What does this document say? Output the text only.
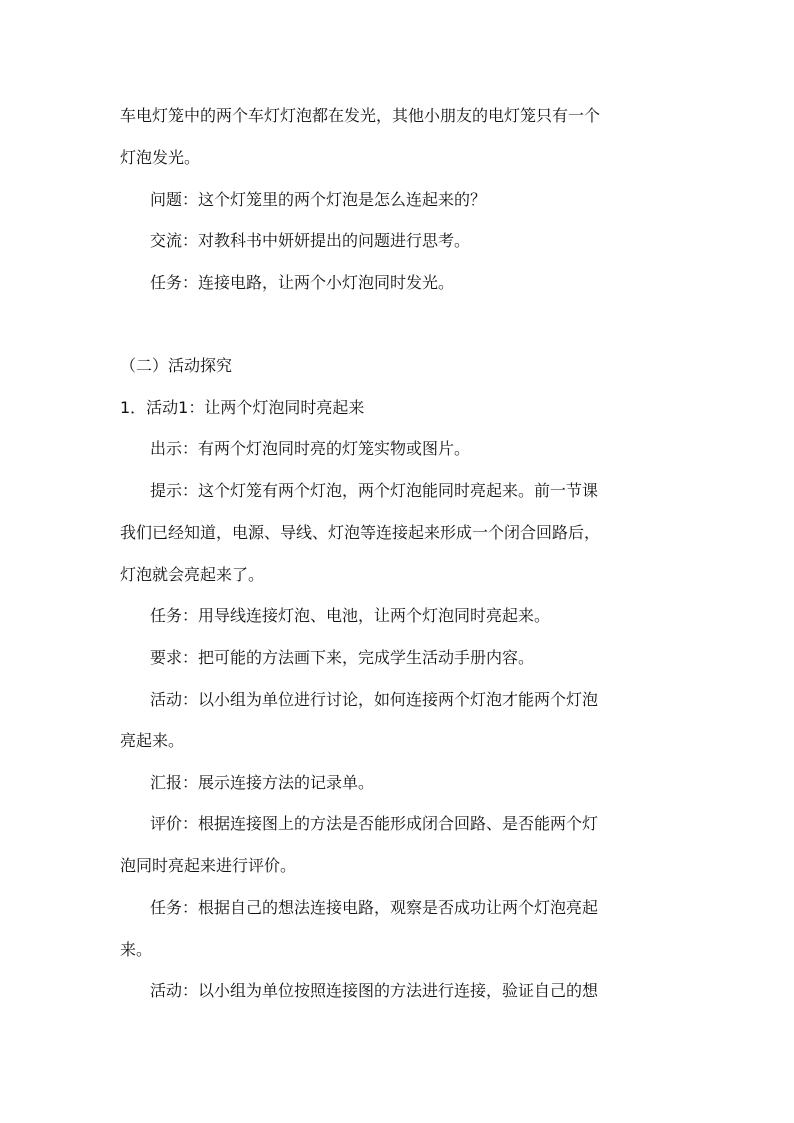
车电灯笼中的两个车灯灯泡都在发光，其他小朋友的电灯笼只有一个
灯泡发光。
问题：这个灯笼里的两个灯泡是怎么连起来的？
交流：对教科书中妍妍提出的问题进行思考。
任务：连接电路，让两个小灯泡同时发光。
（二）活动探究
1．活动1：让两个灯泡同时亮起来
出示：有两个灯泡同时亮的灯笼实物或图片。
提示：这个灯笼有两个灯泡，两个灯泡能同时亮起来。前一节课
我们已经知道，电源、导线、灯泡等连接起来形成一个闭合回路后，
灯泡就会亮起来了。
任务：用导线连接灯泡、电池，让两个灯泡同时亮起来。
要求：把可能的方法画下来，完成学生活动手册内容。
活动：以小组为单位进行讨论，如何连接两个灯泡才能两个灯泡
亮起来。
汇报：展示连接方法的记录单。
评价：根据连接图上的方法是否能形成闭合回路、是否能两个灯
泡同时亮起来进行评价。
任务：根据自己的想法连接电路，观察是否成功让两个灯泡亮起
来。
活动：以小组为单位按照连接图的方法进行连接，验证自己的想
